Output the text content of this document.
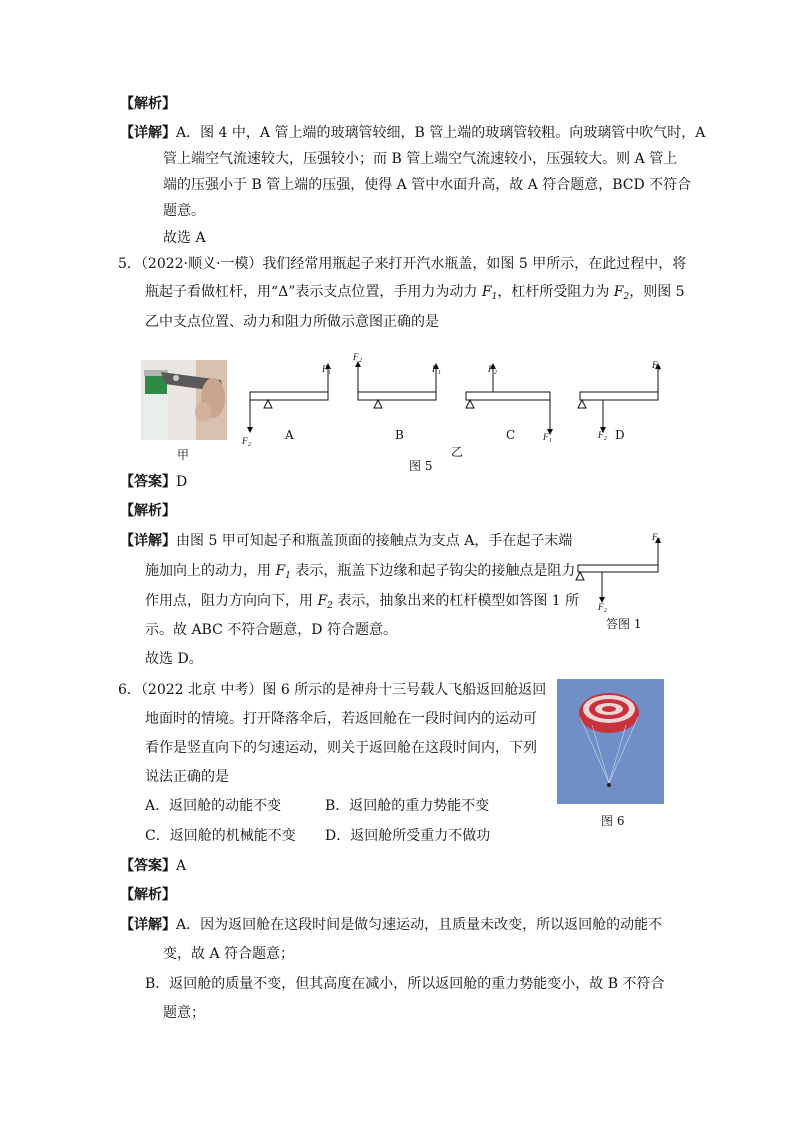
【解析】
【详解】A．图 4 中，A 管上端的玻璃管较细，B 管上端的玻璃管较粗。向玻璃管中吹气时，A
管上端空气流速较大，压强较小；而 B 管上端空气流速较小，压强较大。则 A 管上
端的压强小于 B 管上端的压强，使得 A 管中水面升高，故 A 符合题意，BCD 不符合
题意。
故选 A
5．（2022·顺义·一模）我们经常用瓶起子来打开汽水瓶盖，如图 5 甲所示，在此过程中，将
瓶起子看做杠杆，用“Δ”表示支点位置，手用力为动力 $F_1$，杠杆所受阻力为 $F_2$，则图 5
乙中支点位置、动力和阻力所做示意图正确的是
甲
F 2
F 1
F 2
F 1	F 2
F 1
F 1
F 2
A	B	C	D
乙
图 5
【答案】D
【解析】
【详解】由图 5 甲可知起子和瓶盖顶面的接触点为支点 A，手在起子末端
施加向上的动力，用 $F_1$ 表示，瓶盖下边缘和起子钩尖的接触点是阻力
作用点，阻力方向向下，用 $F_2$ 表示，抽象出来的杠杆模型如答图 1 所
示。故 ABC 不符合题意，D 符合题意。
故选 D。
F 1
F 2
答图 1
6．（2022 北京 中考）图 6 所示的是神舟十三号载人飞船返回舱返回
地面时的情境。打开降落伞后，若返回舱在一段时间内的运动可
看作是竖直向下的匀速运动，则关于返回舱在这段时间内，下列
说法正确的是
A．返回舱的动能不变	B．返回舱的重力势能不变
C．返回舱的机械能不变 D．返回舱所受重力不做功
图 6
【答案】A
【解析】
【详解】A．因为返回舱在这段时间是做匀速运动，且质量未改变，所以返回舱的动能不
变，故 A 符合题意；
B．返回舱的质量不变，但其高度在减小，所以返回舱的重力势能变小，故 B 不符合
题意；
